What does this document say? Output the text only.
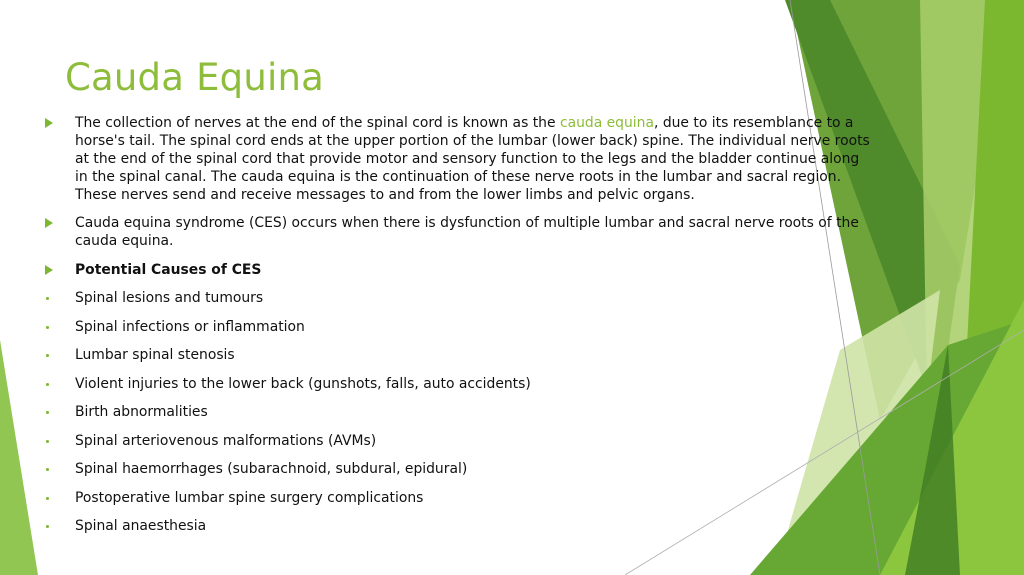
Cauda Equina
The collection of nerves at the end of the spinal cord is known as the cauda equina, due to its resemblance to a horse's tail. The spinal cord ends at the upper portion of the lumbar (lower back) spine. The individual nerve roots at the end of the spinal cord that provide motor and sensory function to the legs and the bladder continue along in the spinal canal. The cauda equina is the continuation of these nerve roots in the lumbar and sacral region. These nerves send and receive messages to and from the lower limbs and pelvic organs.
Cauda equina syndrome (CES) occurs when there is dysfunction of multiple lumbar and sacral nerve roots of the cauda equina.
Potential Causes of CES
Spinal lesions and tumours
Spinal infections or inflammation
Lumbar spinal stenosis
Violent injuries to the lower back (gunshots, falls, auto accidents)
Birth abnormalities
Spinal arteriovenous malformations (AVMs)
Spinal haemorrhages (subarachnoid, subdural, epidural)
Postoperative lumbar spine surgery complications
Spinal anaesthesia
